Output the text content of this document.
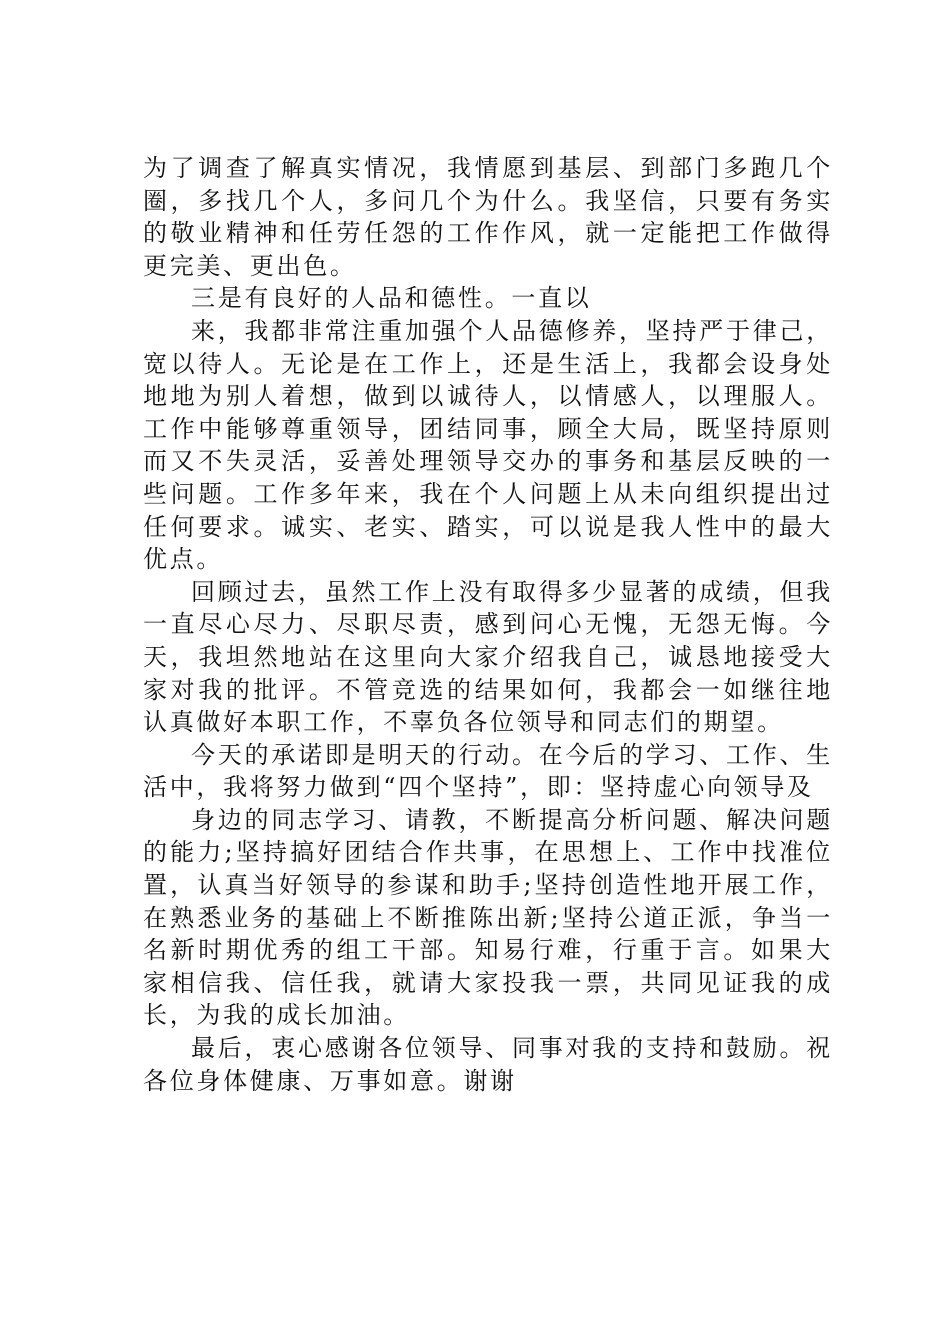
为了调查了解真实情况，我情愿到基层、到部门多跑几个圈，多找几个人，多问几个为什么。我坚信，只要有务实的敬业精神和任劳任怨的工作作风，就一定能把工作做得更完美、更出色。

三是有良好的人品和德性。一直以

来，我都非常注重加强个人品德修养，坚持严于律己，宽以待人。无论是在工作上，还是生活上，我都会设身处地地为别人着想，做到以诚待人，以情感人，以理服人。工作中能够尊重领导，团结同事，顾全大局，既坚持原则而又不失灵活，妥善处理领导交办的事务和基层反映的一些问题。工作多年来，我在个人问题上从未向组织提出过任何要求。诚实、老实、踏实，可以说是我人性中的最大优点。

回顾过去，虽然工作上没有取得多少显著的成绩，但我一直尽心尽力、尽职尽责，感到问心无愧，无怨无悔。今天，我坦然地站在这里向大家介绍我自己，诚恳地接受大家对我的批评。不管竞选的结果如何，我都会一如继往地认真做好本职工作，不辜负各位领导和同志们的期望。

今天的承诺即是明天的行动。在今后的学习、工作、生活中，我将努力做到“四个坚持”，即：坚持虚心向领导及

身边的同志学习、请教，不断提高分析问题、解决问题的能力;坚持搞好团结合作共事，在思想上、工作中找准位置，认真当好领导的参谋和助手;坚持创造性地开展工作，在熟悉业务的基础上不断推陈出新;坚持公道正派，争当一名新时期优秀的组工干部。知易行难，行重于言。如果大家相信我、信任我，就请大家投我一票，共同见证我的成长，为我的成长加油。

最后，衷心感谢各位领导、同事对我的支持和鼓励。祝各位身体健康、万事如意。谢谢
